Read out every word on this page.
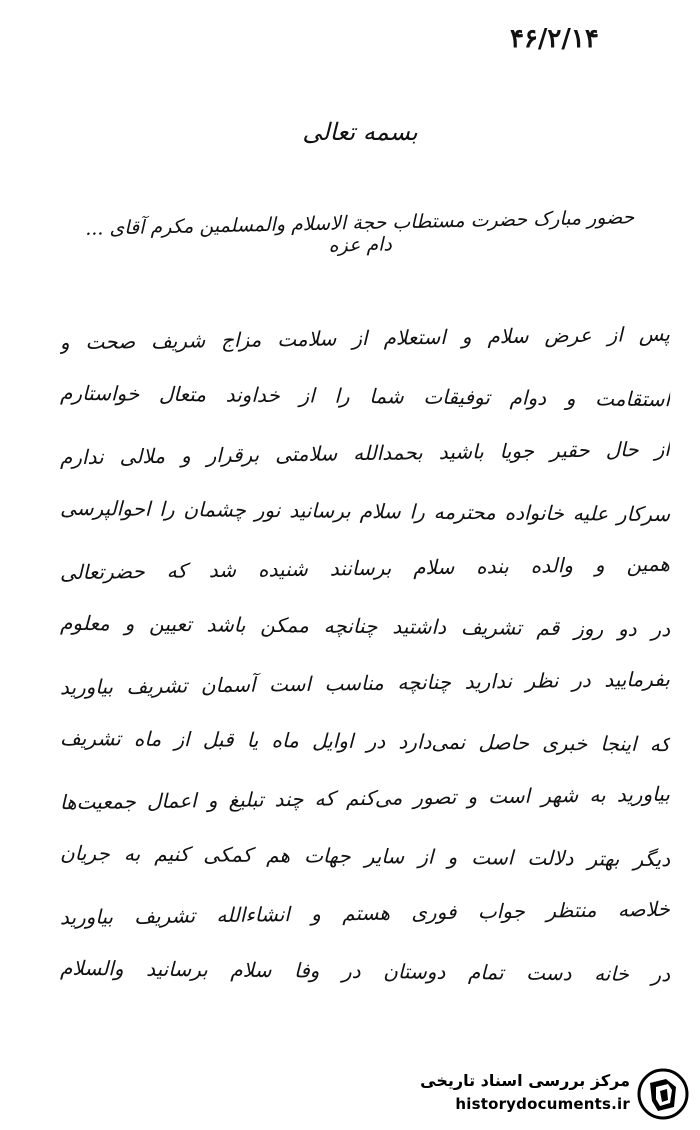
۴۶/۲/۱۴
بسمه تعالی
حضور مبارک حضرت مستطاب حجة الاسلام والمسلمین مکرم آقای ... دام عزه
پس از عرض سلام و استعلام از سلامت مزاج شریف صحت و
استقامت و دوام توفیقات شما را از خداوند متعال خواستارم
از حال حقیر جویا باشید بحمدالله سلامتی برقرار و ملالی ندارم
سرکار علیه خانواده محترمه را سلام برسانید نور چشمان را احوالپرسی
همین و والده بنده سلام برسانند شنیده شد که حضرتعالی
در دو روز قم تشریف داشتید چنانچه ممکن باشد تعیین و معلوم
بفرمایید در نظر ندارید چنانچه مناسب است آسمان تشریف بیاورید
که اینجا خبری حاصل نمی‌دارد در اوایل ماه یا قبل از ماه تشریف
بیاورید به شهر است و تصور می‌کنم که چند تبلیغ و اعمال جمعیت‌ها
دیگر بهتر دلالت است و از سایر جهات هم کمکی کنیم به جریان
خلاصه منتظر جواب فوری هستم و انشاءالله تشریف بیاورید
در خانه دست تمام دوستان در وفا سلام برسانید والسلام
مرکز بررسی اسناد تاریخی
historydocuments.ir
